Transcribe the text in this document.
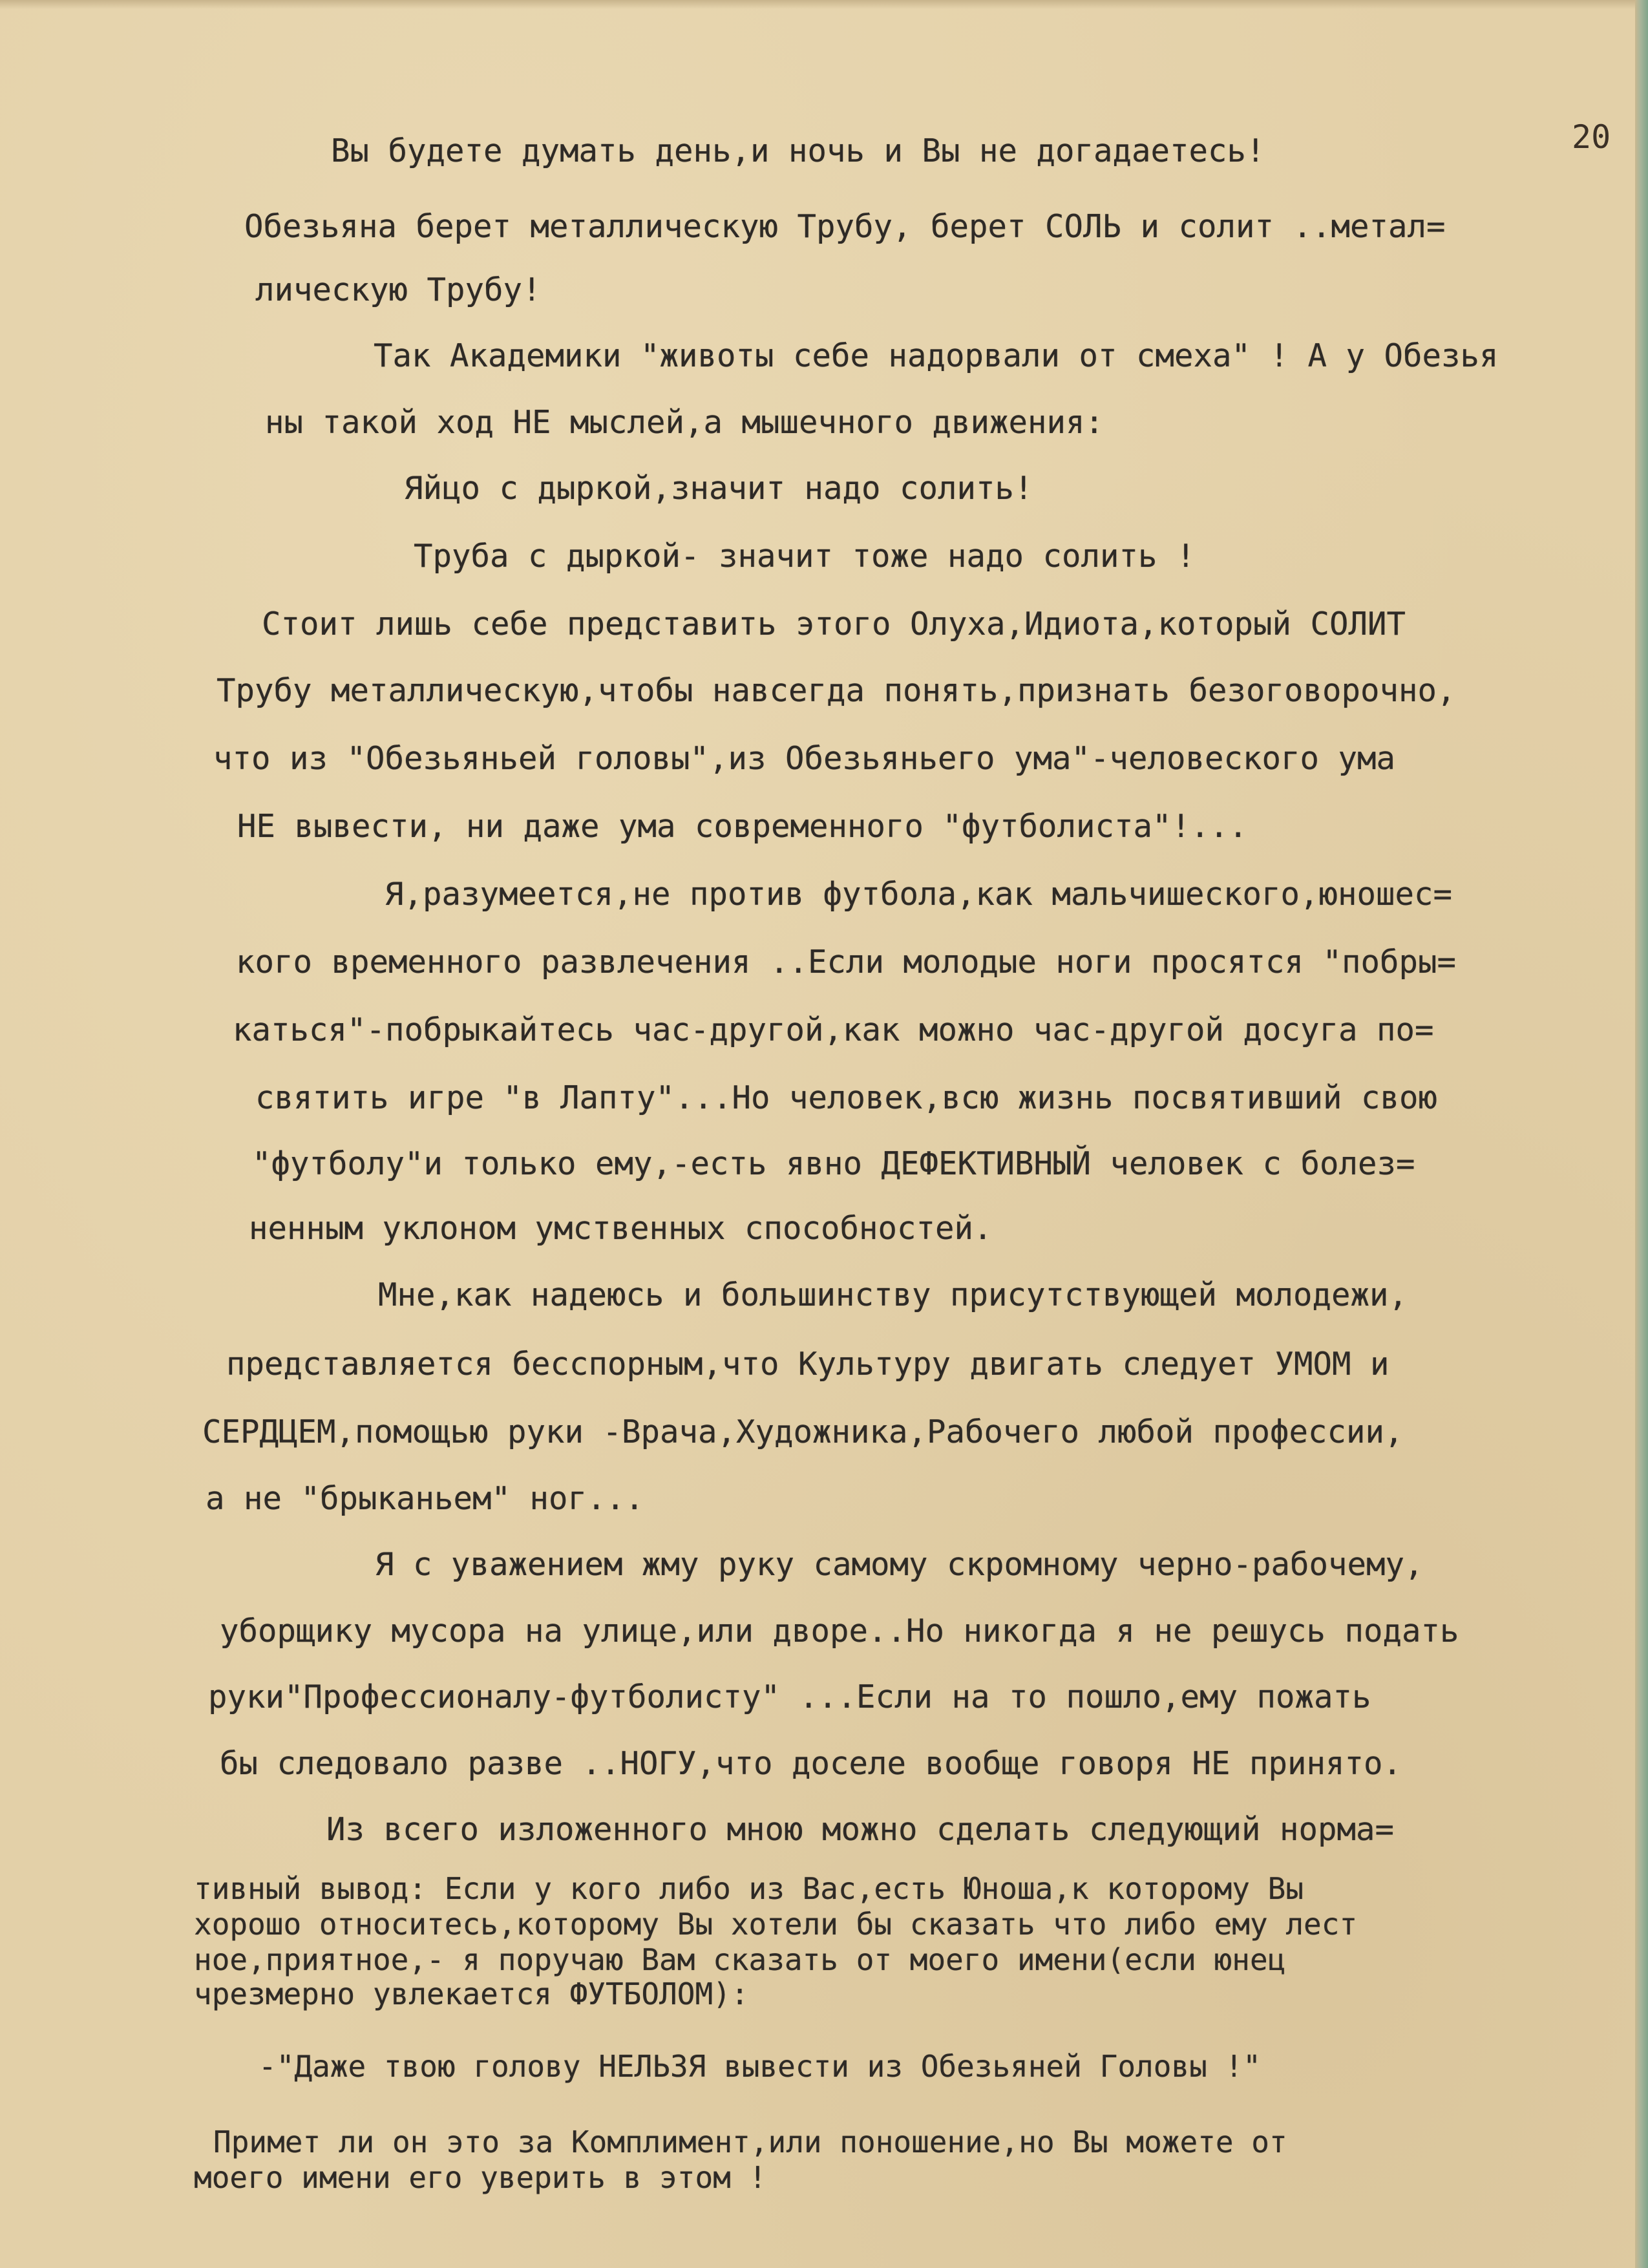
20
Вы будете думать день,и ночь и Вы не догадаетесь!
Обезьяна берет металлическую Трубу, берет СОЛЬ и солит ..метал=
лическую Трубу!
Так Академики "животы себе надорвали от смеха" ! А у Обезья
ны такой ход НЕ мыслей,а мышечного движения:
Яйцо с дыркой,значит надо солить!
Труба с дыркой- значит тоже надо солить !
Стоит лишь себе представить этого Олуха,Идиота,который СОЛИТ
Трубу металлическую,чтобы навсегда понять,признать безоговорочно,
что из "Обезьяньей головы",из Обезьяньего ума"-человеского ума
НЕ вывести, ни даже ума современного "футболиста"!...
Я,разумеется,не против футбола,как мальчишеского,юношес=
кого временного развлечения ..Если молодые ноги просятся "побры=
каться"-побрыкайтесь час-другой,как можно час-другой досуга по=
святить игре "в Лапту"...Но человек,всю жизнь посвятивший свою
"футболу"и только ему,-есть явно ДЕФЕКТИВНЫЙ человек с болез=
ненным уклоном умственных способностей.
Мне,как надеюсь и большинству присутствующей молодежи,
представляется бесспорным,что Культуру двигать следует УМОМ и
СЕРДЦЕМ,помощью руки -Врача,Художника,Рабочего любой профессии,
а не "брыканьем" ног...
Я с уважением жму руку самому скромному черно-рабочему,
уборщику мусора на улице,или дворе..Но никогда я не решусь подать
руки"Профессионалу-футболисту" ...Если на то пошло,ему пожать
бы следовало разве ..НОГУ,что доселе вообще говоря НЕ принято.
Из всего изложенного мною можно сделать следующий норма=
тивный вывод: Если у кого либо из Вас,есть Юноша,к которому Вы
хорошо относитесь,которому Вы хотели бы сказать что либо ему лест
ное,приятное,- я поручаю Вам сказать от моего имени(если юнец
чрезмерно увлекается ФУТБОЛОМ):
-"Даже твою голову НЕЛЬЗЯ вывести из Обезьяней Головы !"
Примет ли он это за Комплимент,или поношение,но Вы можете от
моего имени его уверить в этом !
